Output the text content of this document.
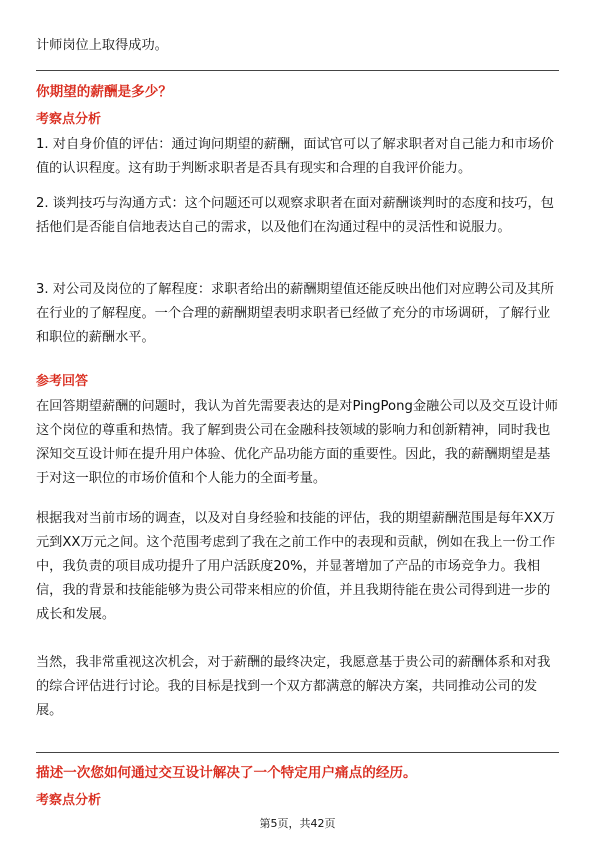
计师岗位上取得成功。

你期望的薪酬是多少？

考察点分析

1. 对自身价值的评估：通过询问期望的薪酬，面试官可以了解求职者对自己能力和市场价值的认识程度。这有助于判断求职者是否具有现实和合理的自我评价能力。

2. 谈判技巧与沟通方式：这个问题还可以观察求职者在面对薪酬谈判时的态度和技巧，包括他们是否能自信地表达自己的需求，以及他们在沟通过程中的灵活性和说服力。

3. 对公司及岗位的了解程度：求职者给出的薪酬期望值还能反映出他们对应聘公司及其所在行业的了解程度。一个合理的薪酬期望表明求职者已经做了充分的市场调研，了解行业和职位的薪酬水平。

参考回答

在回答期望薪酬的问题时，我认为首先需要表达的是对PingPong金融公司以及交互设计师这个岗位的尊重和热情。我了解到贵公司在金融科技领域的影响力和创新精神，同时我也深知交互设计师在提升用户体验、优化产品功能方面的重要性。因此，我的薪酬期望是基于对这一职位的市场价值和个人能力的全面考量。

根据我对当前市场的调查，以及对自身经验和技能的评估，我的期望薪酬范围是每年XX万元到XX万元之间。这个范围考虑到了我在之前工作中的表现和贡献，例如在我上一份工作中，我负责的项目成功提升了用户活跃度20%，并显著增加了产品的市场竞争力。我相信，我的背景和技能能够为贵公司带来相应的价值，并且我期待能在贵公司得到进一步的成长和发展。

当然，我非常重视这次机会，对于薪酬的最终决定，我愿意基于贵公司的薪酬体系和对我的综合评估进行讨论。我的目标是找到一个双方都满意的解决方案，共同推动公司的发展。

描述一次您如何通过交互设计解决了一个特定用户痛点的经历。

考察点分析

第5页，共42页
